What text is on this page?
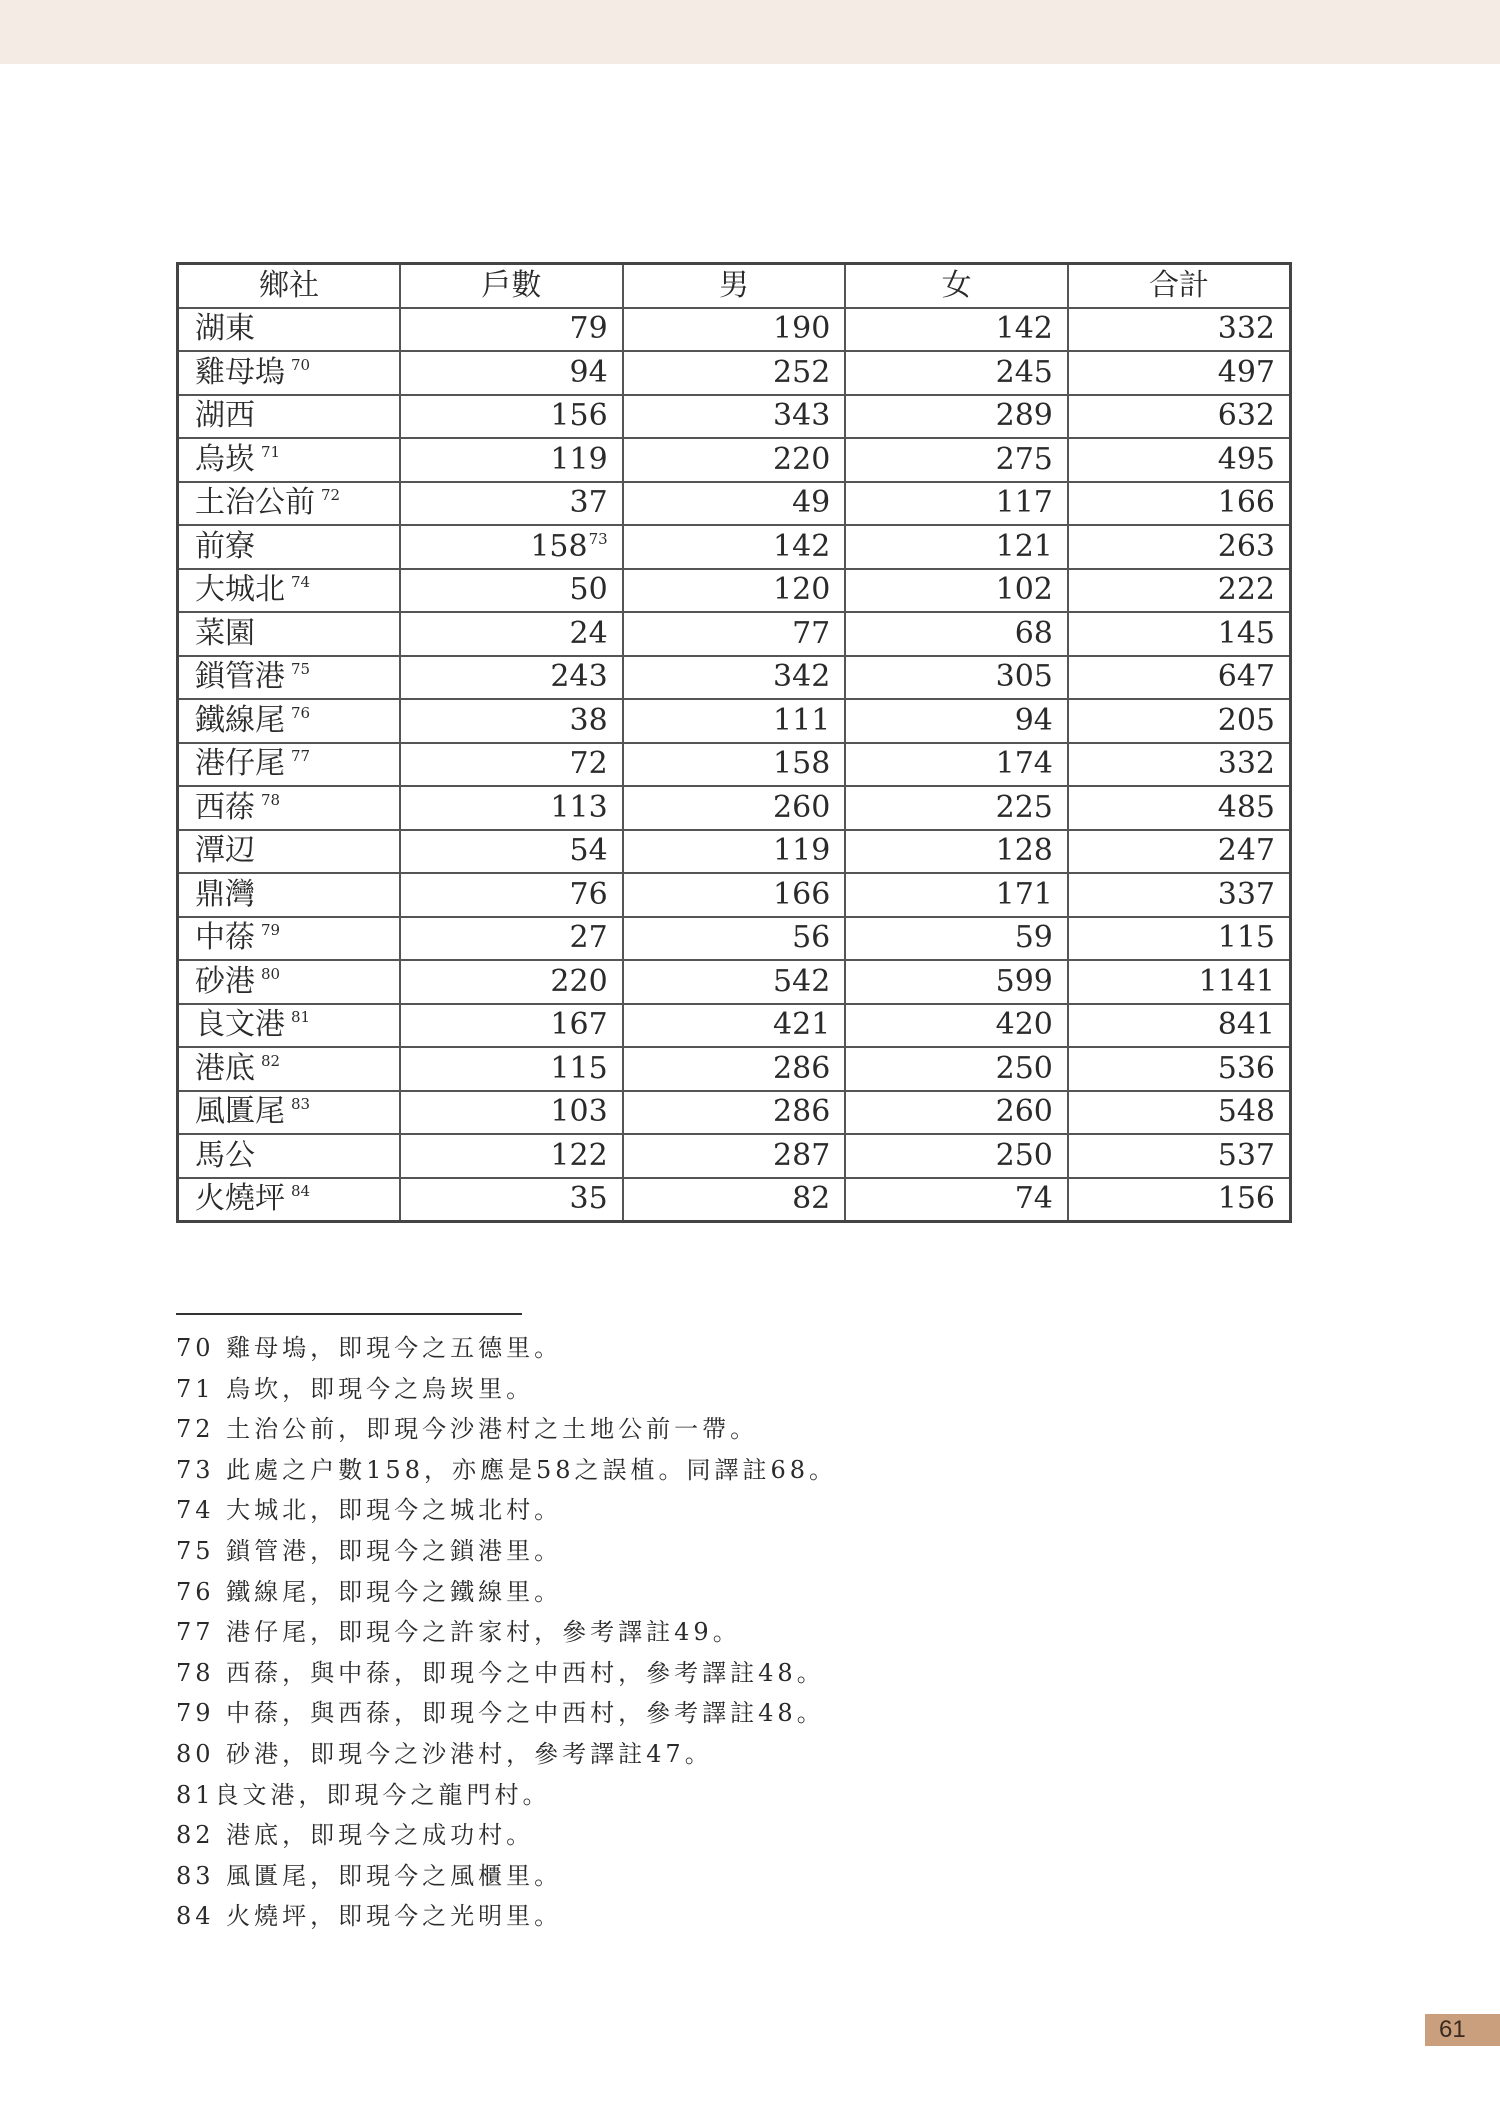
鄉社	戶數	男	女	合計
湖東	79	190	142	332
雞母塢 $^{70}$	94	252	245	497
湖西	156	343	289	632
烏崁 $^{71}$	119	220	275	495
土治公前 $^{72}$	37	49	117	166
前寮	$158^{73}$	142	121	263
大城北 $^{74}$	50	120	102	222
菜園	24	77	68	145
鎖管港 $^{75}$	243	342	305	647
鐵線尾 $^{76}$	38	111	94	205
港仔尾 $^{77}$	72	158	174	332
西蒣 $^{78}$	113	260	225	485
潭辺	54	119	128	247
鼎灣	76	166	171	337
中蒣 $^{79}$	27	56	59	115
砂港 $^{80}$	220	542	599	1141
良文港 $^{81}$	167	421	420	841
港底 $^{82}$	115	286	250	536
風匱尾 $^{83}$	103	286	260	548
馬公	122	287	250	537
火燒坪 $^{84}$	35	82	74	156
70 雞母塢，即現今之五德里。
71 烏坎，即現今之烏崁里。
72 土治公前，即現今沙港村之土地公前一帶。
73 此處之户數158，亦應是58之誤植。同譯註68。
74 大城北，即現今之城北村。
75 鎖管港，即現今之鎖港里。
76 鐵線尾，即現今之鐵線里。
77 港仔尾，即現今之許家村，參考譯註49。
78 西蒣，與中蒣，即現今之中西村，參考譯註48。
79 中蒣，與西蒣，即現今之中西村，參考譯註48。
80 砂港，即現今之沙港村，參考譯註47。
81良文港，即現今之龍門村。
82 港底，即現今之成功村。
83 風匱尾，即現今之風櫃里。
84 火燒坪，即現今之光明里。
61
